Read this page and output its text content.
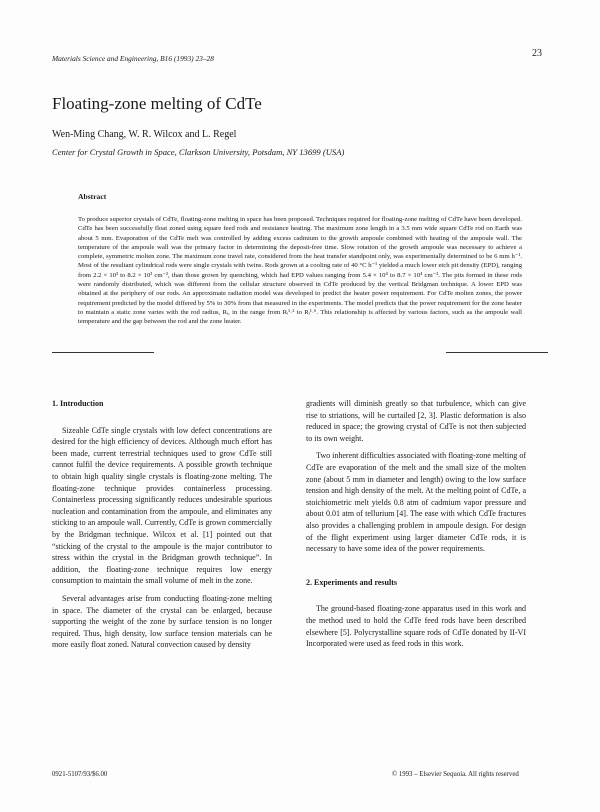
Materials Science and Engineering, B16 (1993) 23–28	23
Floating-zone melting of CdTe
Wen-Ming Chang, W. R. Wilcox and L. Regel
Center for Crystal Growth in Space, Clarkson University, Potsdam, NY 13699 (USA)
Abstract

To produce superior crystals of CdTe, floating-zone melting in space has been proposed. Techniques required for floating-zone melting of CdTe have been developed. CdTe has been successfully float zoned using square feed rods and resistance heating. The maximum zone length in a 3.5 mm wide square CdTe rod on Earth was about 5 mm. Evaporation of the CdTe melt was controlled by adding excess cadmium to the growth ampoule combined with heating of the ampoule wall. The temperature of the ampoule wall was the primary factor in determining the deposit-free time. Slow rotation of the growth ampoule was necessary to achieve a complete, symmetric molten zone. The maximum zone travel rate, considered from the heat transfer standpoint only, was experimentally determined to be 6 mm h⁻¹. Most of the resultant cylindrical rods were single crystals with twins. Rods grown at a cooling rate of 40 °C h⁻¹ yielded a much lower etch pit density (EPD), ranging from 2.2 × 10³ to 8.2 × 10³ cm⁻², than those grown by quenching, which had EPD values ranging from 5.4 × 10⁴ to 8.7 × 10⁴ cm⁻². The pits formed in these rods were randomly distributed, which was different from the cellular structure observed in CdTe produced by the vertical Bridgman technique. A lower EPD was obtained at the periphery of our rods. An approximate radiation model was developed to predict the heater power requirement. For CdTe molten zones, the power requirement predicted by the model differed by 5% to 30% from that measured in the experiments. The model predicts that the power requirement for the zone heater to maintain a static zone varies with the rod radius, Rᵢ, in the range from Rᵢ¹·² to Rᵢ¹·⁶. This relationship is affected by various factors, such as the ampoule wall temperature and the gap between the rod and the zone heater.

1. Introduction

Sizeable CdTe single crystals with low defect concentrations are desired for the high efficiency of devices. Although much effort has been made, current terrestrial techniques used to grow CdTe still cannot fulfil the device requirements. A possible growth technique to obtain high quality single crystals is floating-zone melting. The floating-zone technique provides containerless processing. Containerless processing significantly reduces undesirable spurious nucleation and contamination from the ampoule, and eliminates any sticking to an ampoule wall. Currently, CdTe is grown commercially by the Bridgman technique. Wilcox et al. [1] pointed out that “sticking of the crystal to the ampoule is the major contributor to stress within the crystal in the Bridgman growth technique”. In addition, the floating-zone technique requires low energy consumption to maintain the small volume of melt in the zone.

Several advantages arise from conducting floating-zone melting in space. The diameter of the crystal can be enlarged, because supporting the weight of the zone by surface tension is no longer required. Thus, high density, low surface tension materials can be more easily float zoned. Natural convection caused by density

gradients will diminish greatly so that turbulence, which can give rise to striations, will be curtailed [2, 3]. Plastic deformation is also reduced in space; the growing crystal of CdTe is not then subjected to its own weight.

Two inherent difficulties associated with floating-zone melting of CdTe are evaporation of the melt and the small size of the molten zone (about 5 mm in diameter and length) owing to the low surface tension and high density of the melt. At the melting point of CdTe, a stoichiometric melt yields 0.8 atm of cadmium vapor pressure and about 0.01 atm of tellurium [4]. The ease with which CdTe fractures also provides a challenging problem in ampoule design. For design of the flight experiment using larger diameter CdTe rods, it is necessary to have some idea of the power requirements.

2. Experiments and results

The ground-based floating-zone apparatus used in this work and the method used to hold the CdTe feed rods have been described elsewhere [5]. Polycrystalline square rods of CdTe donated by II-VI Incorporated were used as feed rods in this work.

0921-5107/93/$6.00	© 1993 – Elsevier Sequoia. All rights reserved
